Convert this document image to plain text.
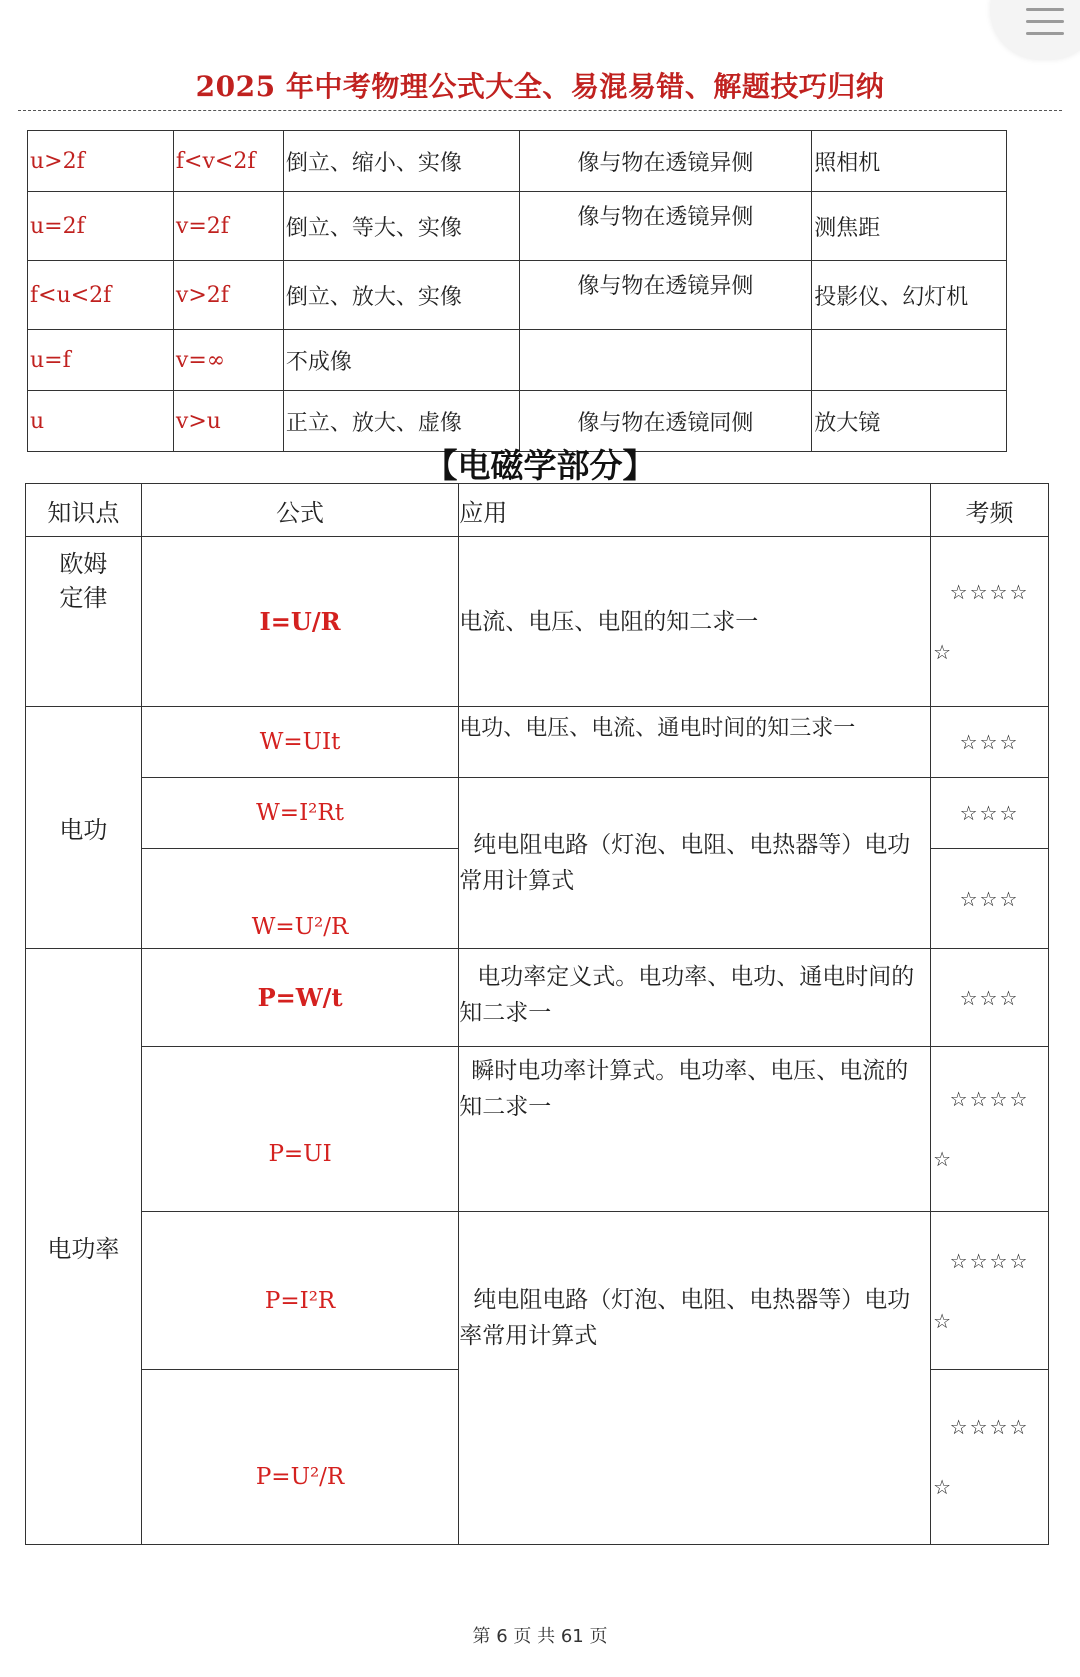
2025 年中考物理公式大全、易混易错、解题技巧归纳
u>2f	f<v<2f	倒立、缩小、实像	像与物在透镜异侧	照相机
u=2f	v=2f	倒立、等大、实像	像与物在透镜异侧	测焦距
f<u<2f	v>2f	倒立、放大、实像	像与物在透镜异侧	投影仪、幻灯机
u=f	v=∞	不成像		
u	v>u	正立、放大、虚像	像与物在透镜同侧	放大镜
【电磁学部分】
知识点	公式	应用	考频

欧姆定律	I=U/R	电流、电压、电阻的知二求一	☆☆☆☆
☆

电功	W=UIt	电功、电压、电流、通电时间的知三求一	☆☆☆
	W=I²Rt	纯电阻电路（灯泡、电阻、电热器等）电功常用计算式	☆☆☆
	W=U²/R		☆☆☆
电功率	P=W/t	电功率定义式。电功率、电功、通电时间的知二求一	☆☆☆
	P=UI	瞬时电功率计算式。电功率、电压、电流的知二求一	☆☆☆☆
☆

	P=I²R	纯电阻电路（灯泡、电阻、电热器等）电功率常用计算式	☆☆☆☆
☆

	P=U²/R		☆☆☆☆
☆
第 6 页 共 61 页
